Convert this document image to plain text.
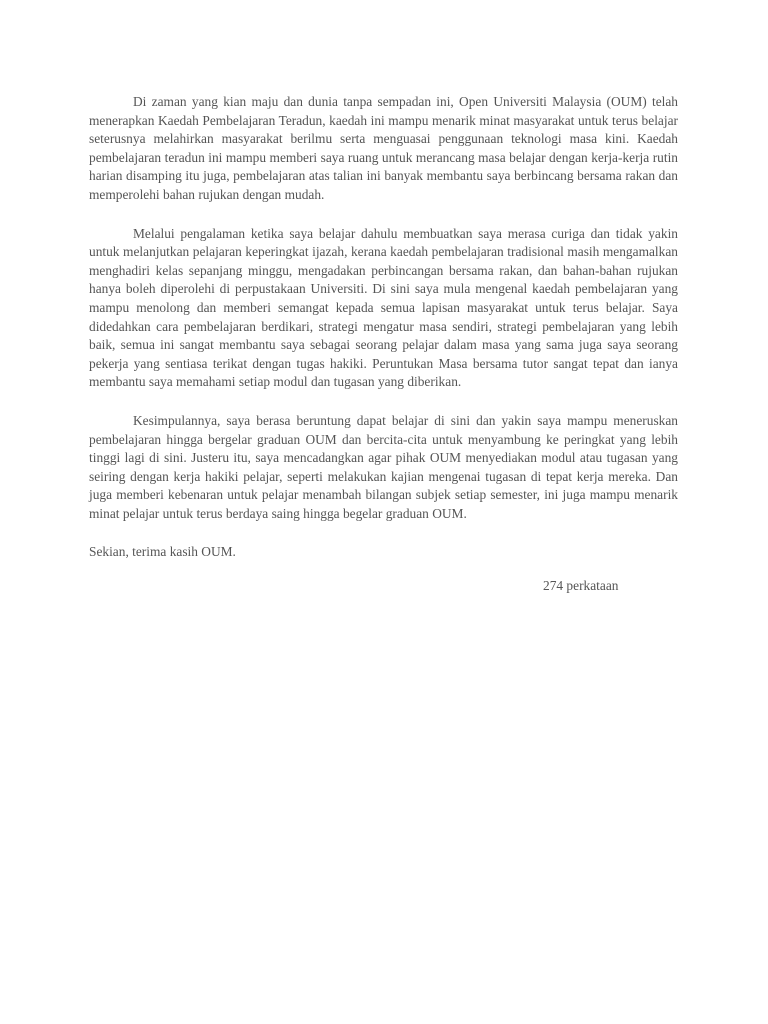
Di zaman yang kian maju dan dunia tanpa sempadan ini, Open Universiti Malaysia (OUM) telah menerapkan Kaedah Pembelajaran Teradun, kaedah ini mampu menarik minat masyarakat untuk terus belajar seterusnya melahirkan masyarakat berilmu serta menguasai penggunaan teknologi masa kini. Kaedah pembelajaran teradun ini mampu memberi saya ruang untuk merancang masa belajar dengan kerja-kerja rutin harian disamping itu juga, pembelajaran atas talian ini banyak membantu saya berbincang bersama rakan dan memperolehi bahan rujukan dengan mudah.

Melalui pengalaman ketika saya belajar dahulu membuatkan saya merasa curiga dan tidak yakin untuk melanjutkan pelajaran keperingkat ijazah, kerana kaedah pembelajaran tradisional masih mengamalkan menghadiri kelas sepanjang minggu, mengadakan perbincangan bersama rakan, dan bahan-bahan rujukan hanya boleh diperolehi di perpustakaan Universiti. Di sini saya mula mengenal kaedah pembelajaran yang mampu menolong dan memberi semangat kepada semua lapisan masyarakat untuk terus belajar. Saya didedahkan cara pembelajaran berdikari, strategi mengatur masa sendiri, strategi pembelajaran yang lebih baik, semua ini sangat membantu saya sebagai seorang pelajar dalam masa yang sama juga saya seorang pekerja yang sentiasa terikat dengan tugas hakiki. Peruntukan Masa bersama tutor sangat tepat dan ianya membantu saya memahami setiap modul dan tugasan yang diberikan.

Kesimpulannya, saya berasa beruntung dapat belajar di sini dan yakin saya mampu meneruskan pembelajaran hingga bergelar graduan OUM dan bercita-cita untuk menyambung ke peringkat yang lebih tinggi lagi di sini. Justeru itu, saya mencadangkan agar pihak OUM menyediakan modul atau tugasan yang seiring dengan kerja hakiki pelajar, seperti melakukan kajian mengenai tugasan di tepat kerja mereka. Dan juga memberi kebenaran untuk pelajar menambah bilangan subjek setiap semester, ini juga mampu menarik minat pelajar untuk terus berdaya saing hingga begelar graduan OUM.

Sekian, terima kasih OUM.

274 perkataan
